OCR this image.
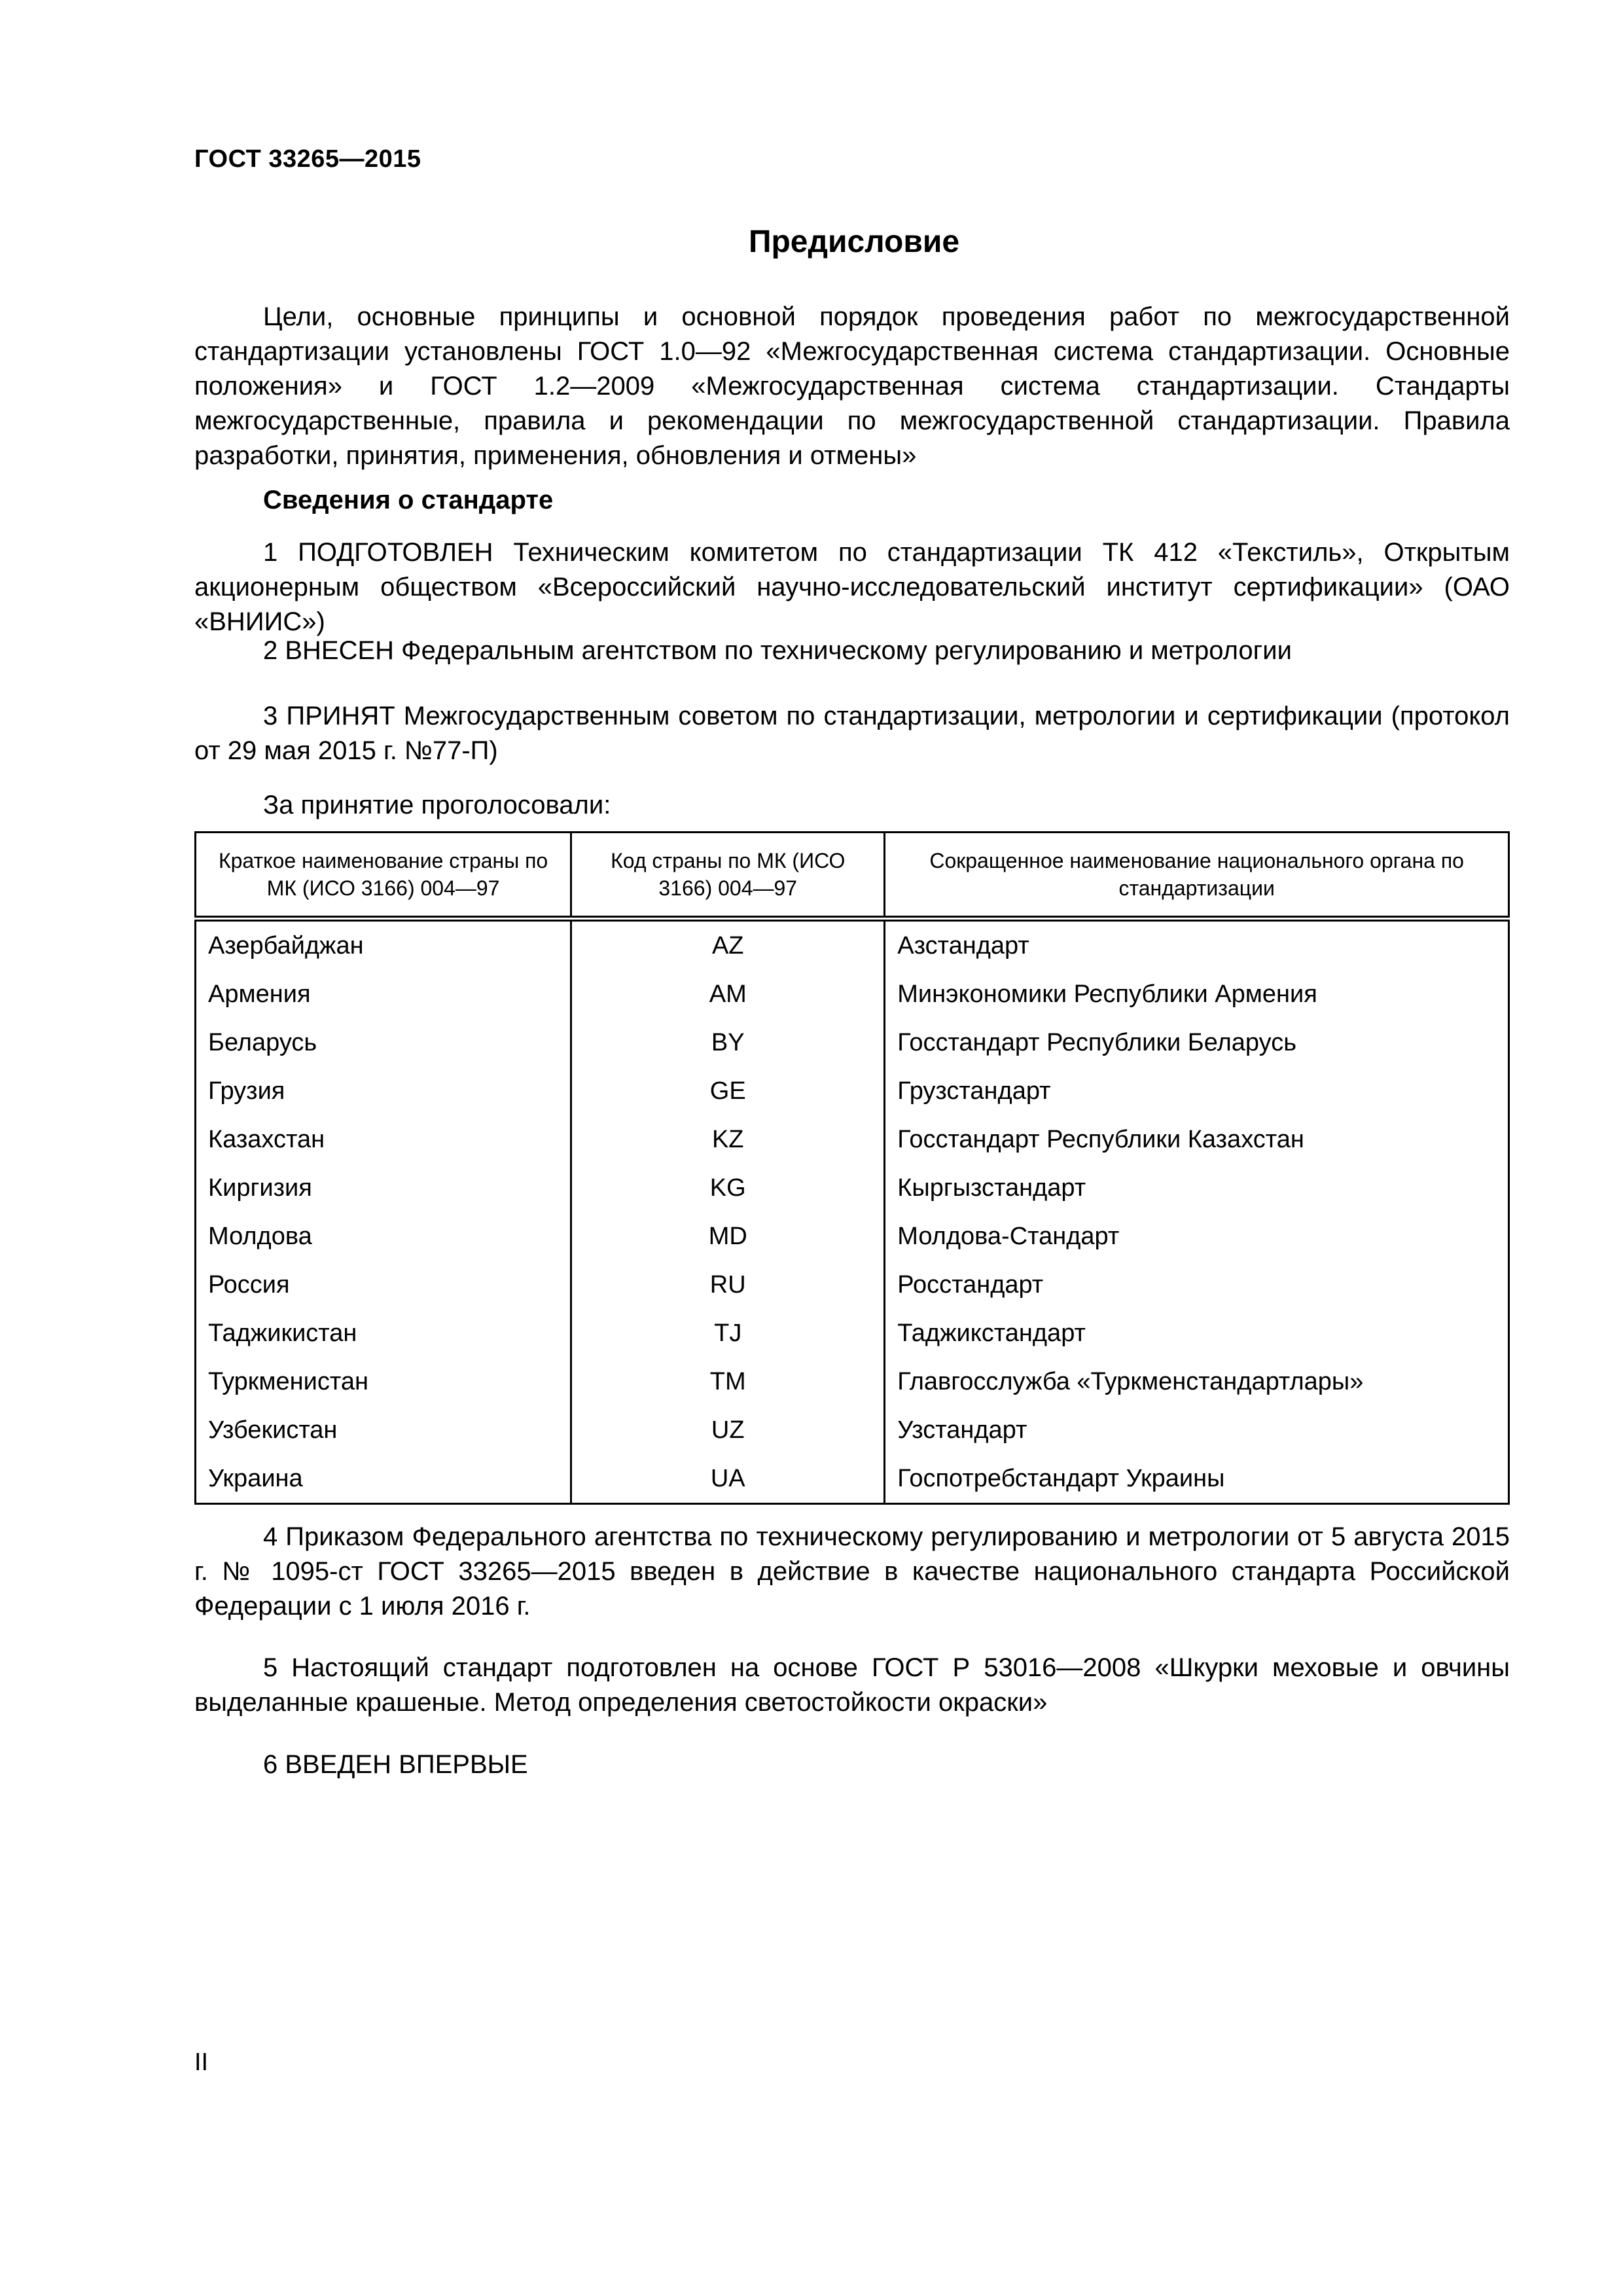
ГОСТ 33265—2015
Предисловие
Цели, основные принципы и основной порядок проведения работ по межгосударственной стандартизации установлены ГОСТ 1.0—92 «Межгосударственная система стандартизации. Основные положения» и ГОСТ 1.2—2009 «Межгосударственная система стандартизации. Стандарты межгосударственные, правила и рекомендации по межгосударственной стандартизации. Правила разработки, принятия, применения, обновления и отмены»
Сведения о стандарте
1 ПОДГОТОВЛЕН Техническим комитетом по стандартизации ТК 412 «Текстиль», Открытым акционерным обществом «Всероссийский научно-исследовательский институт сертификации» (ОАО «ВНИИС»)
2 ВНЕСЕН Федеральным агентством по техническому регулированию и метрологии
3 ПРИНЯТ Межгосударственным советом по стандартизации, метрологии и сертификации (протокол от 29 мая 2015 г. №77-П)
За принятие проголосовали:
Краткое наименование страны по МК (ИСО 3166) 004—97	Код страны по МК (ИСО 3166) 004—97	Сокращенное наименование национального органа по стандартизации
Азербайджан	AZ	Азстандарт
Армения	AM	Минэкономики Республики Армения
Беларусь	BY	Госстандарт Республики Беларусь
Грузия	GE	Грузстандарт
Казахстан	KZ	Госстандарт Республики Казахстан
Киргизия	KG	Кыргызстандарт
Молдова	MD	Молдова-Стандарт
Россия	RU	Росстандарт
Таджикистан	TJ	Таджикстандарт
Туркменистан	TM	Главгосслужба «Туркменстандартлары»
Узбекистан	UZ	Узстандарт
Украина	UA	Госпотребстандарт Украины
4 Приказом Федерального агентства по техническому регулированию и метрологии от 5 августа 2015 г. № 1095-ст ГОСТ 33265—2015 введен в действие в качестве национального стандарта Российской Федерации с 1 июля 2016 г.
5 Настоящий стандарт подготовлен на основе ГОСТ Р 53016—2008 «Шкурки меховые и овчины выделанные крашеные. Метод определения светостойкости окраски»
6 ВВЕДЕН ВПЕРВЫЕ
II
